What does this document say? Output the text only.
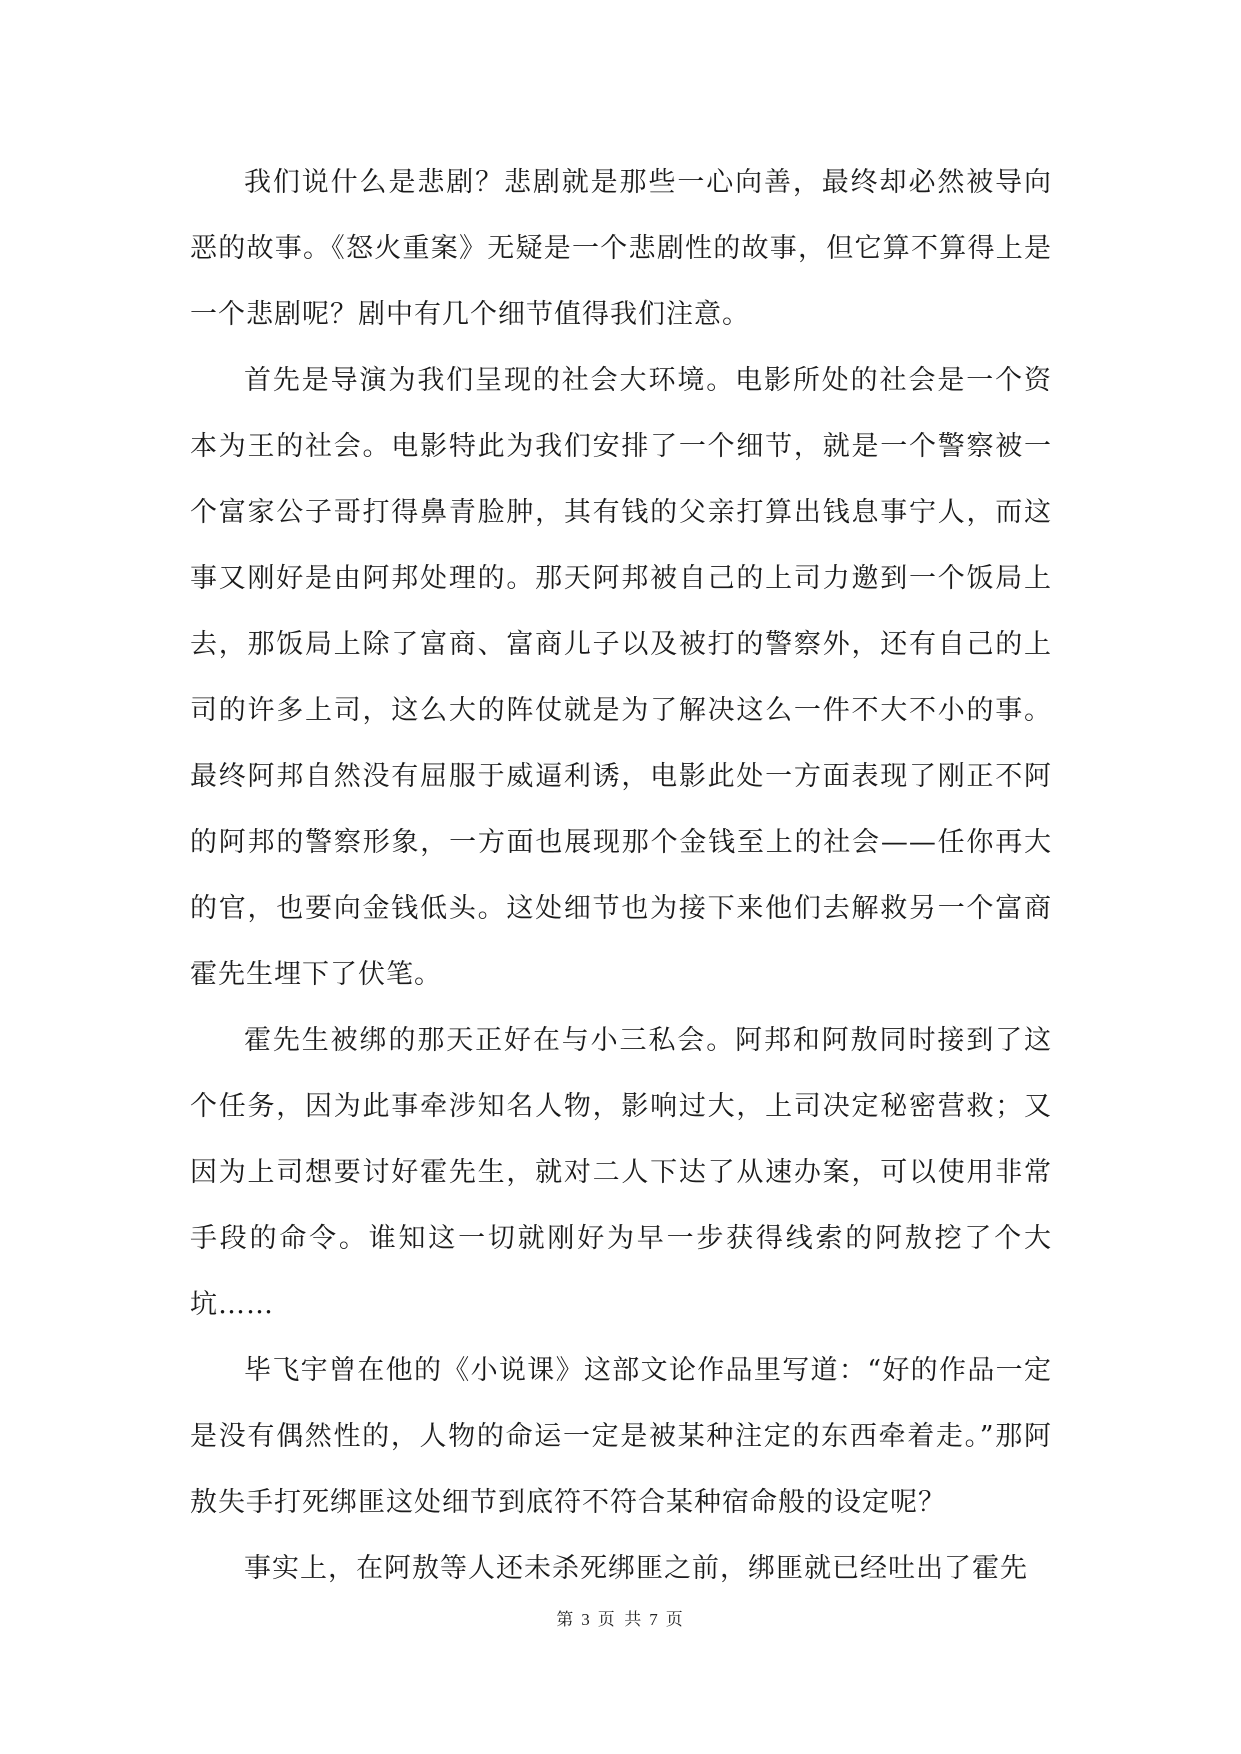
我们说什么是悲剧？悲剧就是那些一心向善，最终却必然被导向恶的故事。《怒火重案》无疑是一个悲剧性的故事，但它算不算得上是一个悲剧呢？剧中有几个细节值得我们注意。

首先是导演为我们呈现的社会大环境。电影所处的社会是一个资本为王的社会。电影特此为我们安排了一个细节，就是一个警察被一个富家公子哥打得鼻青脸肿，其有钱的父亲打算出钱息事宁人，而这事又刚好是由阿邦处理的。那天阿邦被自己的上司力邀到一个饭局上去，那饭局上除了富商、富商儿子以及被打的警察外，还有自己的上司的许多上司，这么大的阵仗就是为了解决这么一件不大不小的事。最终阿邦自然没有屈服于威逼利诱，电影此处一方面表现了刚正不阿的阿邦的警察形象，一方面也展现那个金钱至上的社会——任你再大的官，也要向金钱低头。这处细节也为接下来他们去解救另一个富商霍先生埋下了伏笔。

霍先生被绑的那天正好在与小三私会。阿邦和阿敖同时接到了这个任务，因为此事牵涉知名人物，影响过大，上司决定秘密营救；又因为上司想要讨好霍先生，就对二人下达了从速办案，可以使用非常手段的命令。谁知这一切就刚好为早一步获得线索的阿敖挖了个大坑……

毕飞宇曾在他的《小说课》这部文论作品里写道：“好的作品一定是没有偶然性的，人物的命运一定是被某种注定的东西牵着走。”那阿敖失手打死绑匪这处细节到底符不符合某种宿命般的设定呢？

事实上，在阿敖等人还未杀死绑匪之前，绑匪就已经吐出了霍先

第 3 页 共 7 页
